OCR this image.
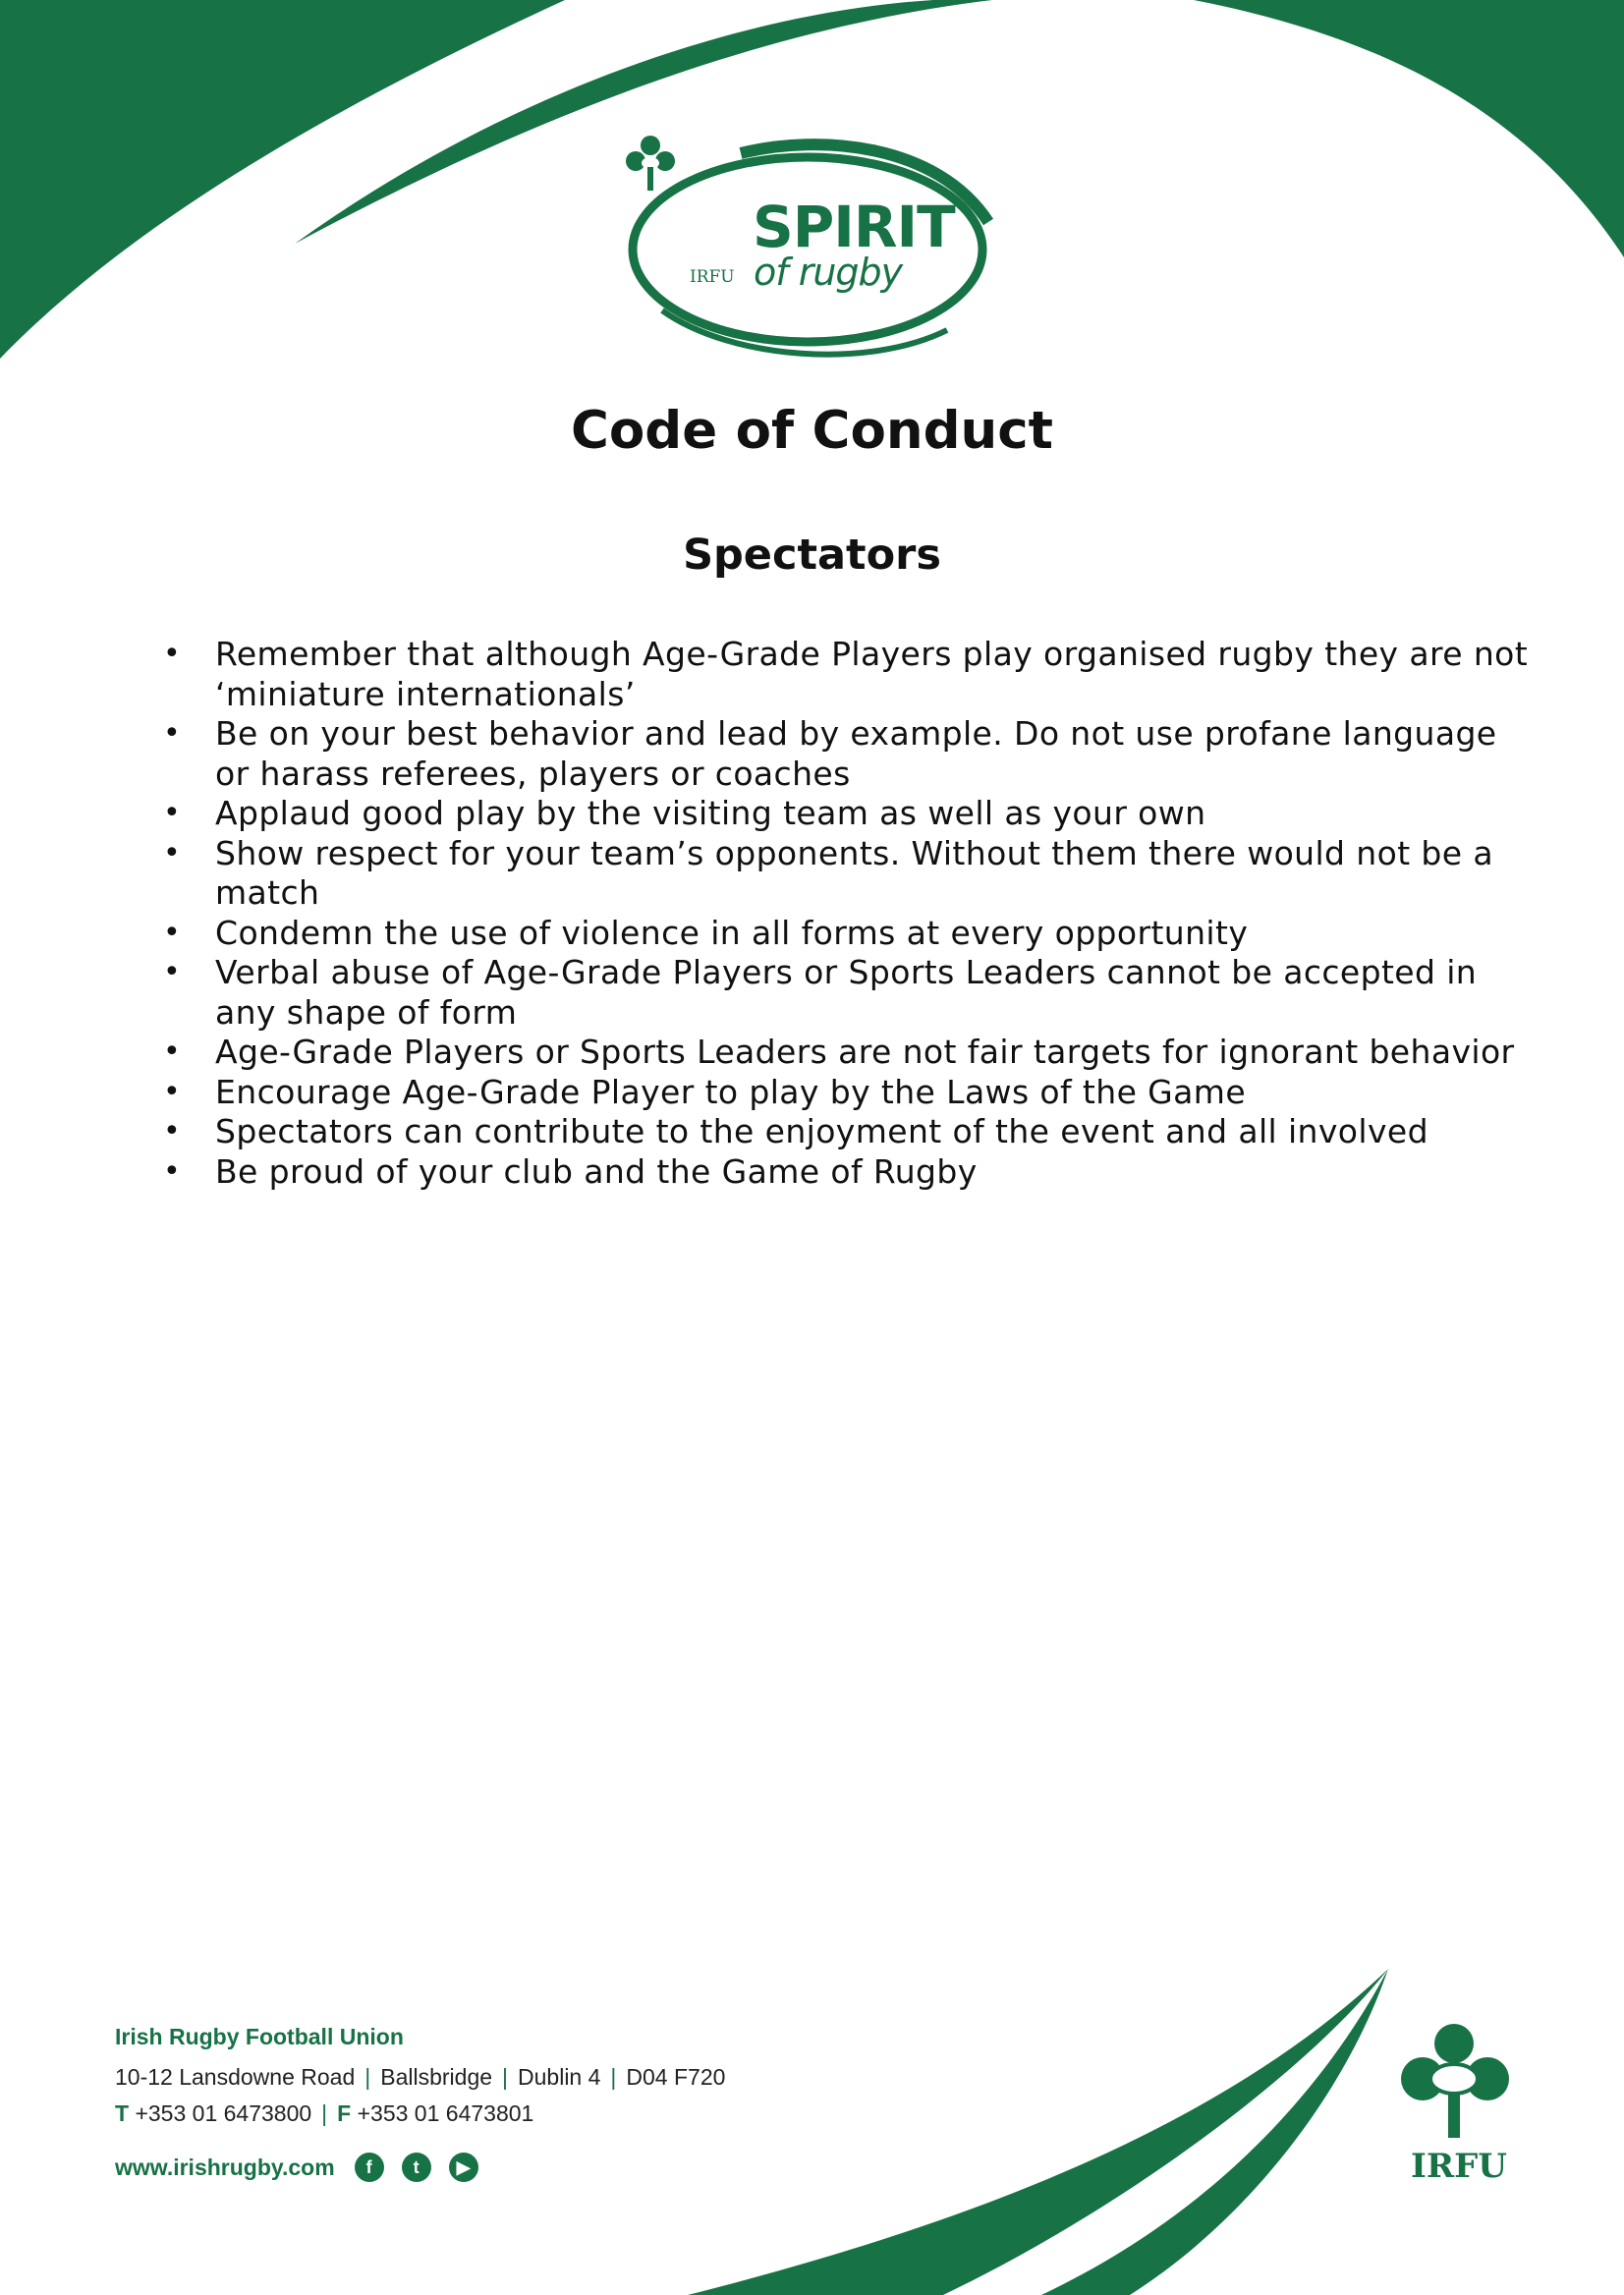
SPIRIT
of rugby
IRFU
Code of Conduct
Spectators
• Remember that although Age-Grade Players play organised rugby they are not ‘miniature internationals’
• Be on your best behavior and lead by example. Do not use profane language or harass referees, players or coaches
• Applaud good play by the visiting team as well as your own
• Show respect for your team’s opponents. Without them there would not be a match
• Condemn the use of violence in all forms at every opportunity
• Verbal abuse of Age-Grade Players or Sports Leaders cannot be accepted in any shape of form
• Age-Grade Players or Sports Leaders are not fair targets for ignorant behavior
• Encourage Age-Grade Player to play by the Laws of the Game
• Spectators can contribute to the enjoyment of the event and all involved
• Be proud of your club and the Game of Rugby
Irish Rugby Football Union
10-12 Lansdowne Road | Ballsbridge | Dublin 4 | D04 F720
T +353 01 6473800 | F +353 01 6473801
www.irishrugby.com	f	t	▶	IRFU
